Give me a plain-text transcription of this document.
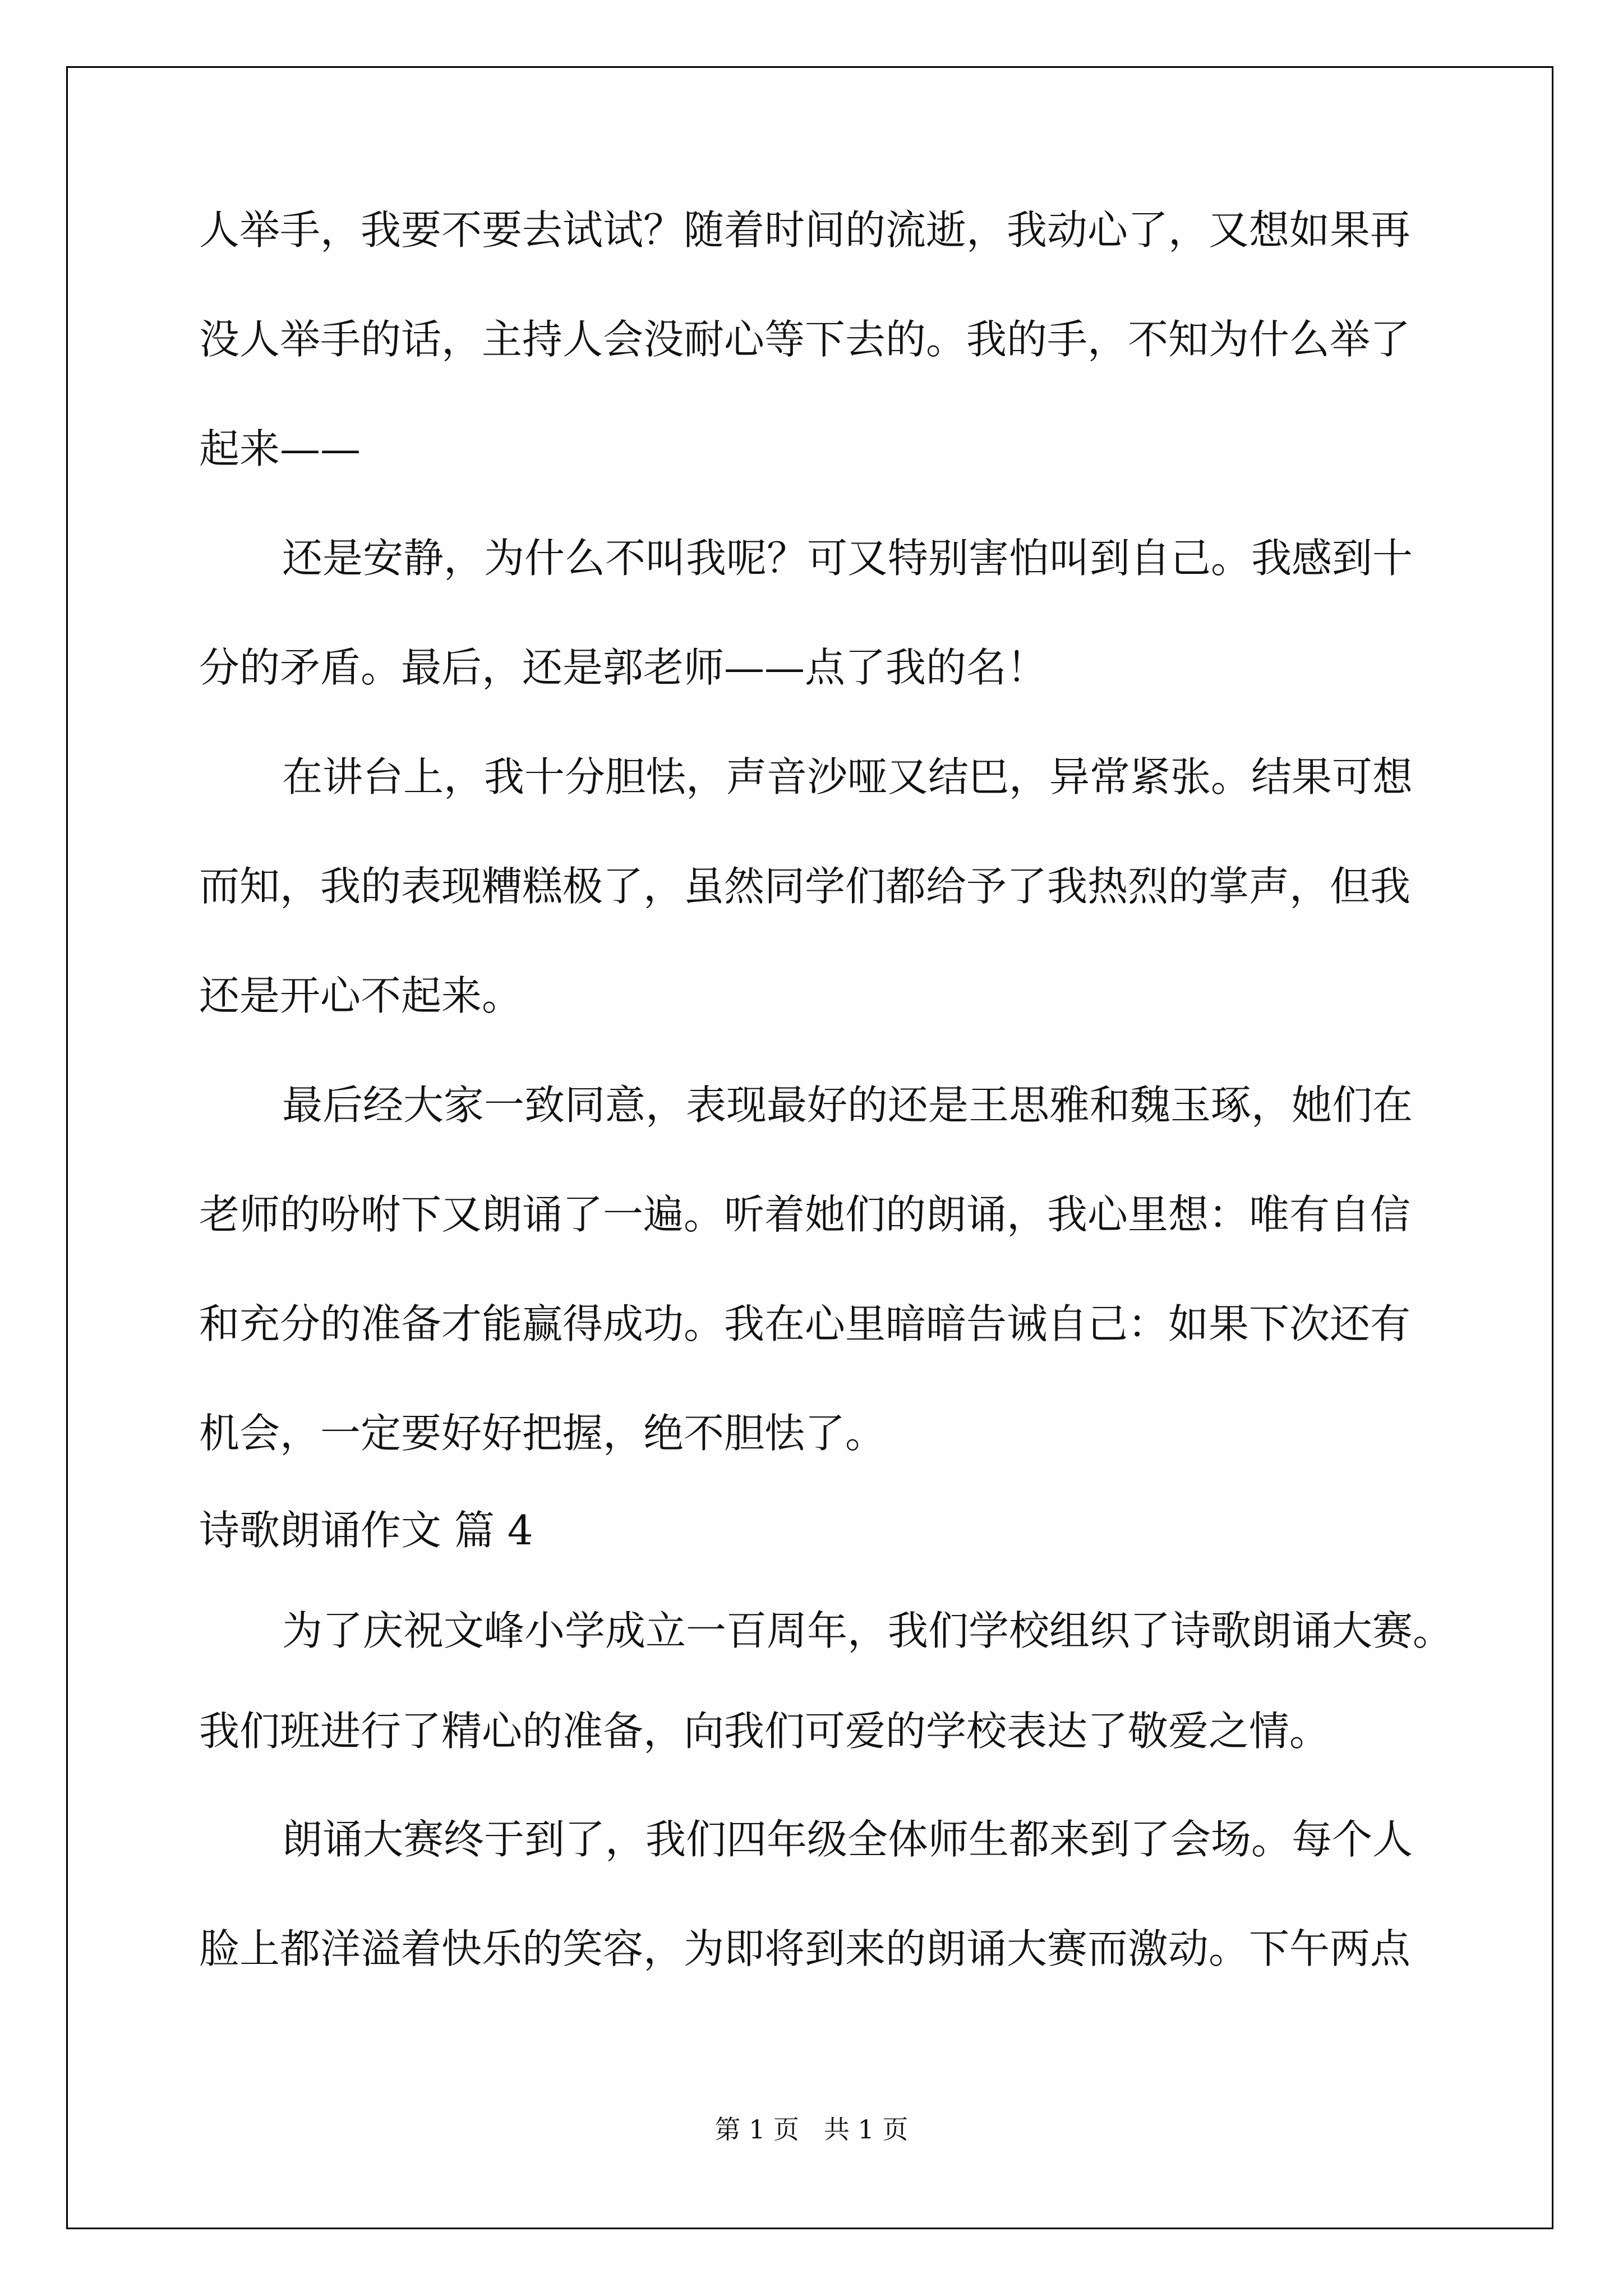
人举手，我要不要去试试？随着时间的流逝，我动心了，又想如果再
没人举手的话，主持人会没耐心等下去的。我的手，不知为什么举了
起来——
还是安静，为什么不叫我呢？可又特别害怕叫到自己。我感到十
分的矛盾。最后，还是郭老师——点了我的名！
在讲台上，我十分胆怯，声音沙哑又结巴，异常紧张。结果可想
而知，我的表现糟糕极了，虽然同学们都给予了我热烈的掌声，但我
还是开心不起来。
最后经大家一致同意，表现最好的还是王思雅和魏玉琢，她们在
老师的吩咐下又朗诵了一遍。听着她们的朗诵，我心里想：唯有自信
和充分的准备才能赢得成功。我在心里暗暗告诫自己：如果下次还有
机会，一定要好好把握，绝不胆怯了。
诗歌朗诵作文 篇 4
为了庆祝文峰小学成立一百周年，我们学校组织了诗歌朗诵大赛。
我们班进行了精心的准备，向我们可爱的学校表达了敬爱之情。
朗诵大赛终于到了，我们四年级全体师生都来到了会场。每个人
脸上都洋溢着快乐的笑容，为即将到来的朗诵大赛而激动。下午两点
第 1 页   共 1 页
